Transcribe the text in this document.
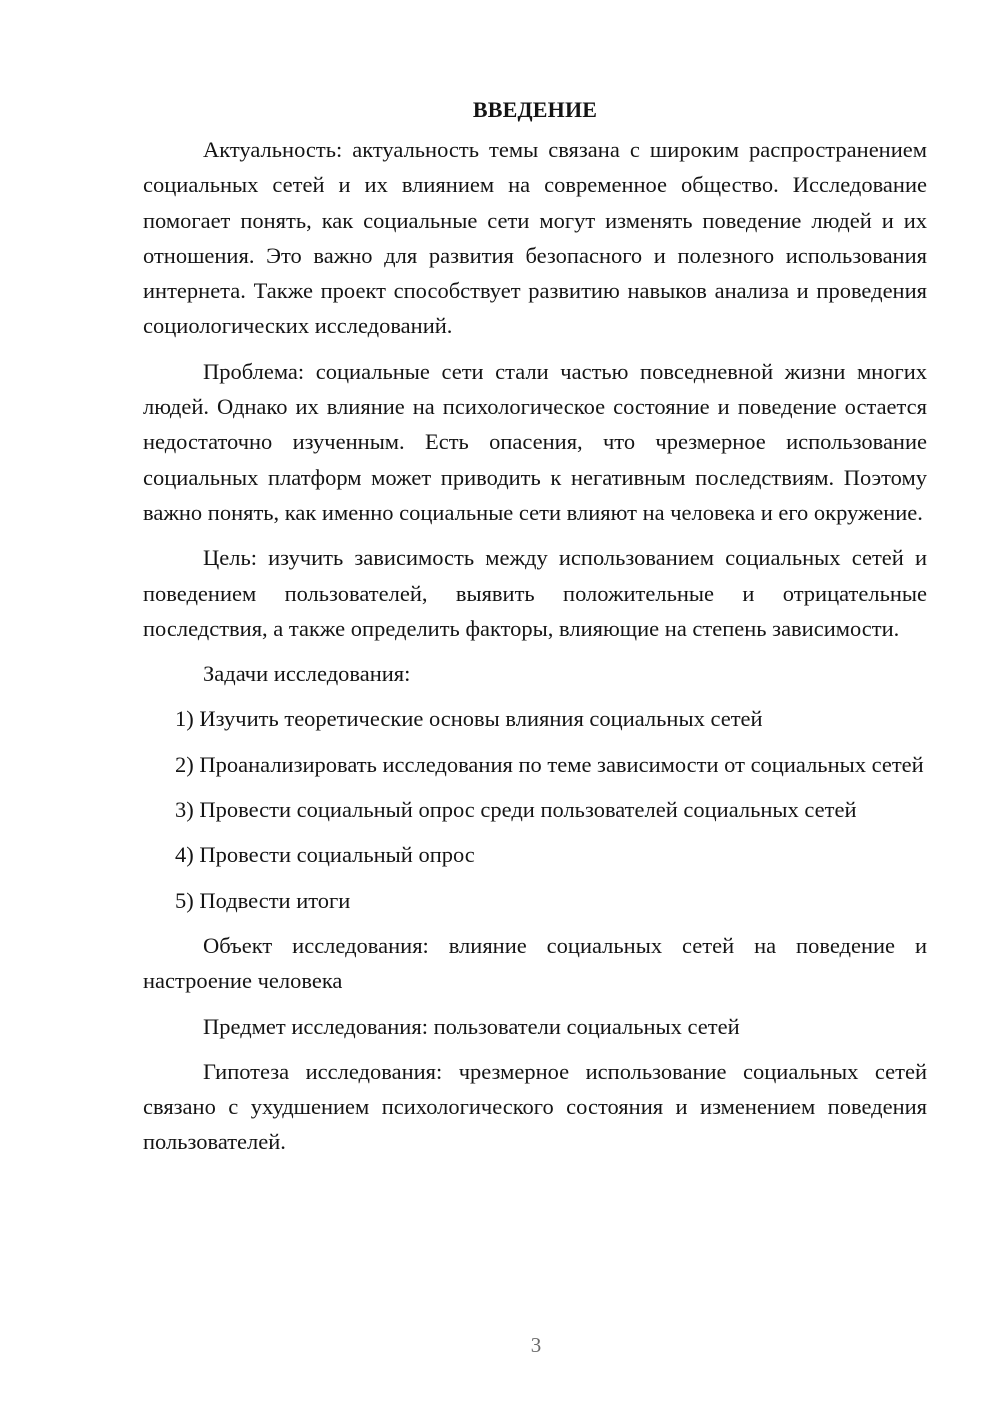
ВВЕДЕНИЕ

Актуальность: актуальность темы связана с широким распространением социальных сетей и их влиянием на современное общество. Исследование помогает понять, как социальные сети могут изменять поведение людей и их отношения. Это важно для развития безопасного и полезного использования интернета. Также проект способствует развитию навыков анализа и проведения социологических исследований.

Проблема: социальные сети стали частью повседневной жизни многих людей. Однако их влияние на психологическое состояние и поведение остается недостаточно изученным. Есть опасения, что чрезмерное использование социальных платформ может приводить к негативным последствиям. Поэтому важно понять, как именно социальные сети влияют на человека и его окружение.

Цель: изучить зависимость между использованием социальных сетей и поведением пользователей, выявить положительные и отрицательные последствия, а также определить факторы, влияющие на степень зависимости.

Задачи исследования:

1) Изучить теоретические основы влияния социальных сетей

2) Проанализировать исследования по теме зависимости от социальных сетей

3) Провести социальный опрос среди пользователей социальных сетей

4) Провести социальный опрос

5) Подвести итоги

Объект исследования: влияние социальных сетей на поведение и настроение человека

Предмет исследования: пользователи социальных сетей

Гипотеза исследования: чрезмерное использование социальных сетей связано с ухудшением психологического состояния и изменением поведения пользователей.

3
